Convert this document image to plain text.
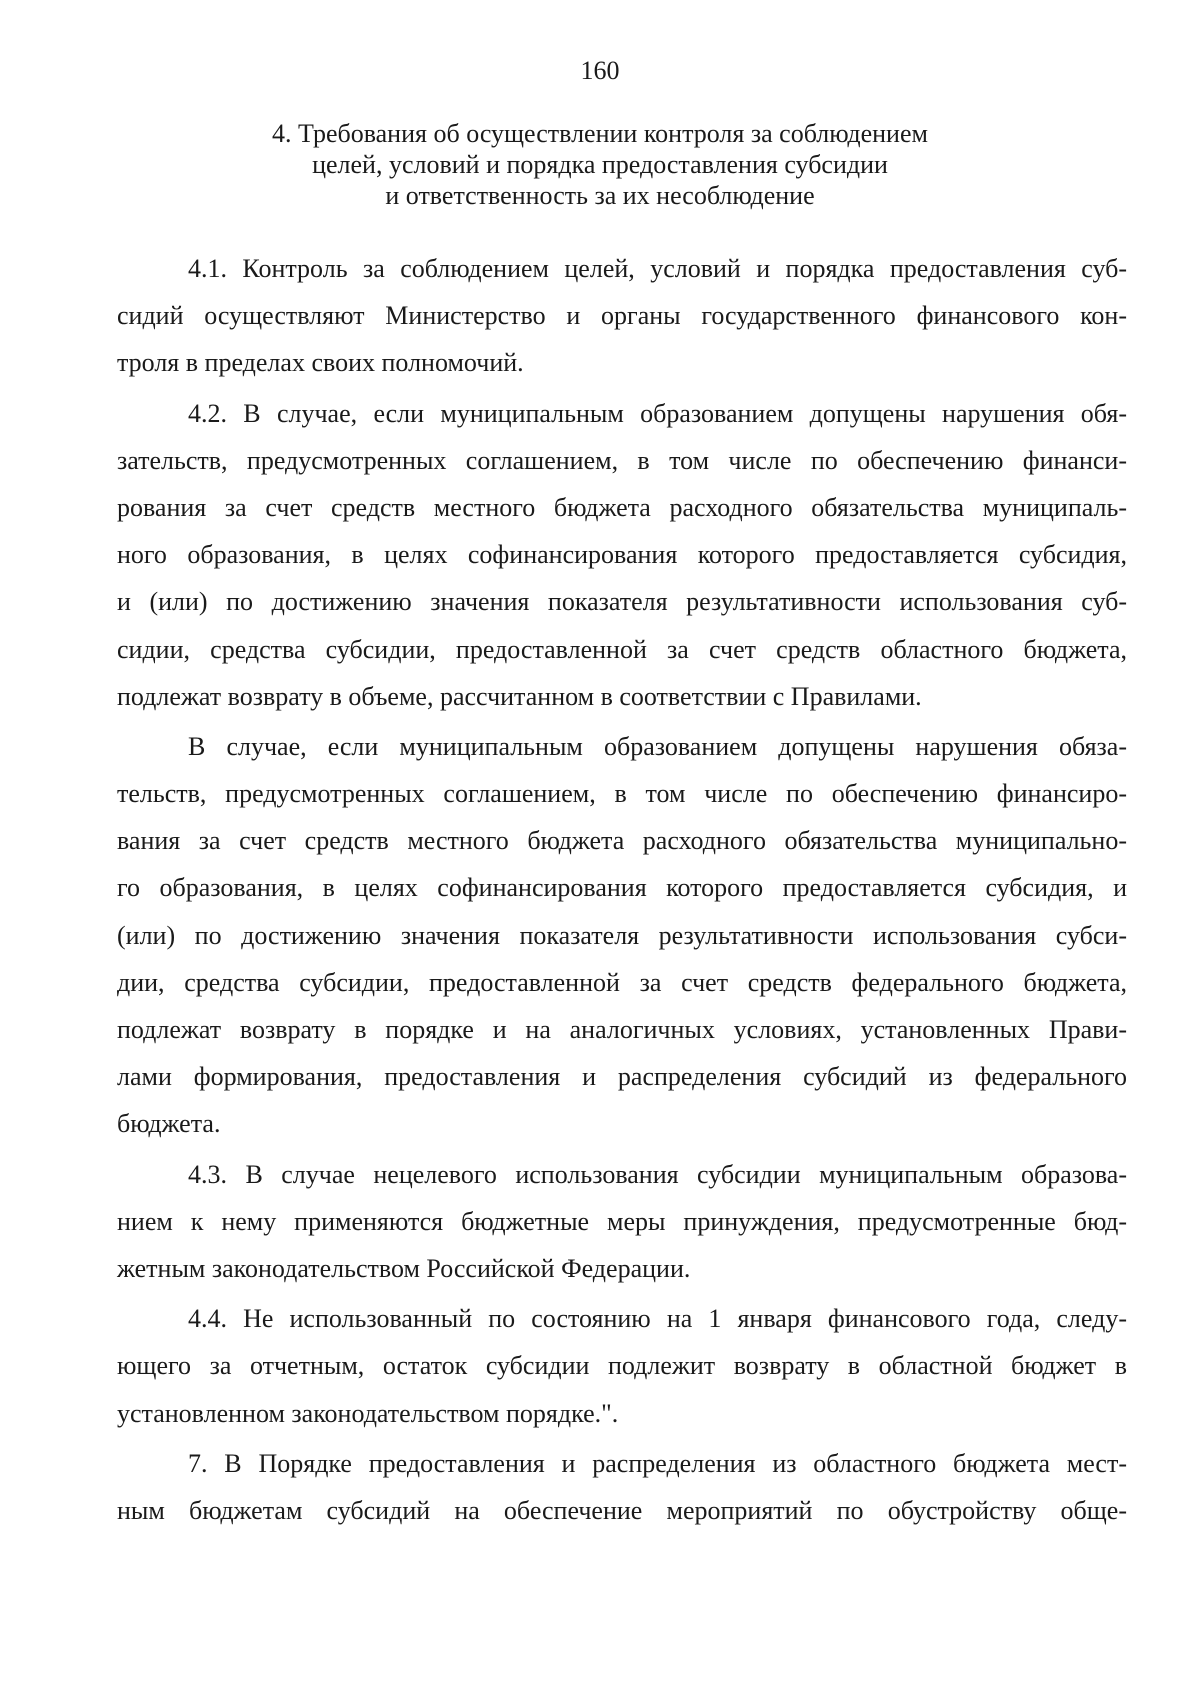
160
4. Требования об осуществлении контроля за соблюдением
целей, условий и порядка предоставления субсидии
и ответственность за их несоблюдение
4.1. Контроль за соблюдением целей, условий и порядка предоставления суб-
сидий осуществляют Министерство и органы государственного финансового кон-
троля в пределах своих полномочий.
4.2. В случае, если муниципальным образованием допущены нарушения обя-
зательств, предусмотренных соглашением, в том числе по обеспечению финанси-
рования за счет средств местного бюджета расходного обязательства муниципаль-
ного образования, в целях софинансирования которого предоставляется субсидия,
и (или) по достижению значения показателя результативности использования суб-
сидии, средства субсидии, предоставленной за счет средств областного бюджета,
подлежат возврату в объеме, рассчитанном в соответствии с Правилами.
В случае, если муниципальным образованием допущены нарушения обяза-
тельств, предусмотренных соглашением, в том числе по обеспечению финансиро-
вания за счет средств местного бюджета расходного обязательства муниципально-
го образования, в целях софинансирования которого предоставляется субсидия, и
(или) по достижению значения показателя результативности использования субси-
дии, средства субсидии, предоставленной за счет средств федерального бюджета,
подлежат возврату в порядке и на аналогичных условиях, установленных Прави-
лами формирования, предоставления и распределения субсидий из федерального
бюджета.
4.3. В случае нецелевого использования субсидии муниципальным образова-
нием к нему применяются бюджетные меры принуждения, предусмотренные бюд-
жетным законодательством Российской Федерации.
4.4. Не использованный по состоянию на 1 января финансового года, следу-
ющего за отчетным, остаток субсидии подлежит возврату в областной бюджет в
установленном законодательством порядке.".
7. В Порядке предоставления и распределения из областного бюджета мест-
ным бюджетам субсидий на обеспечение мероприятий по обустройству обще-
